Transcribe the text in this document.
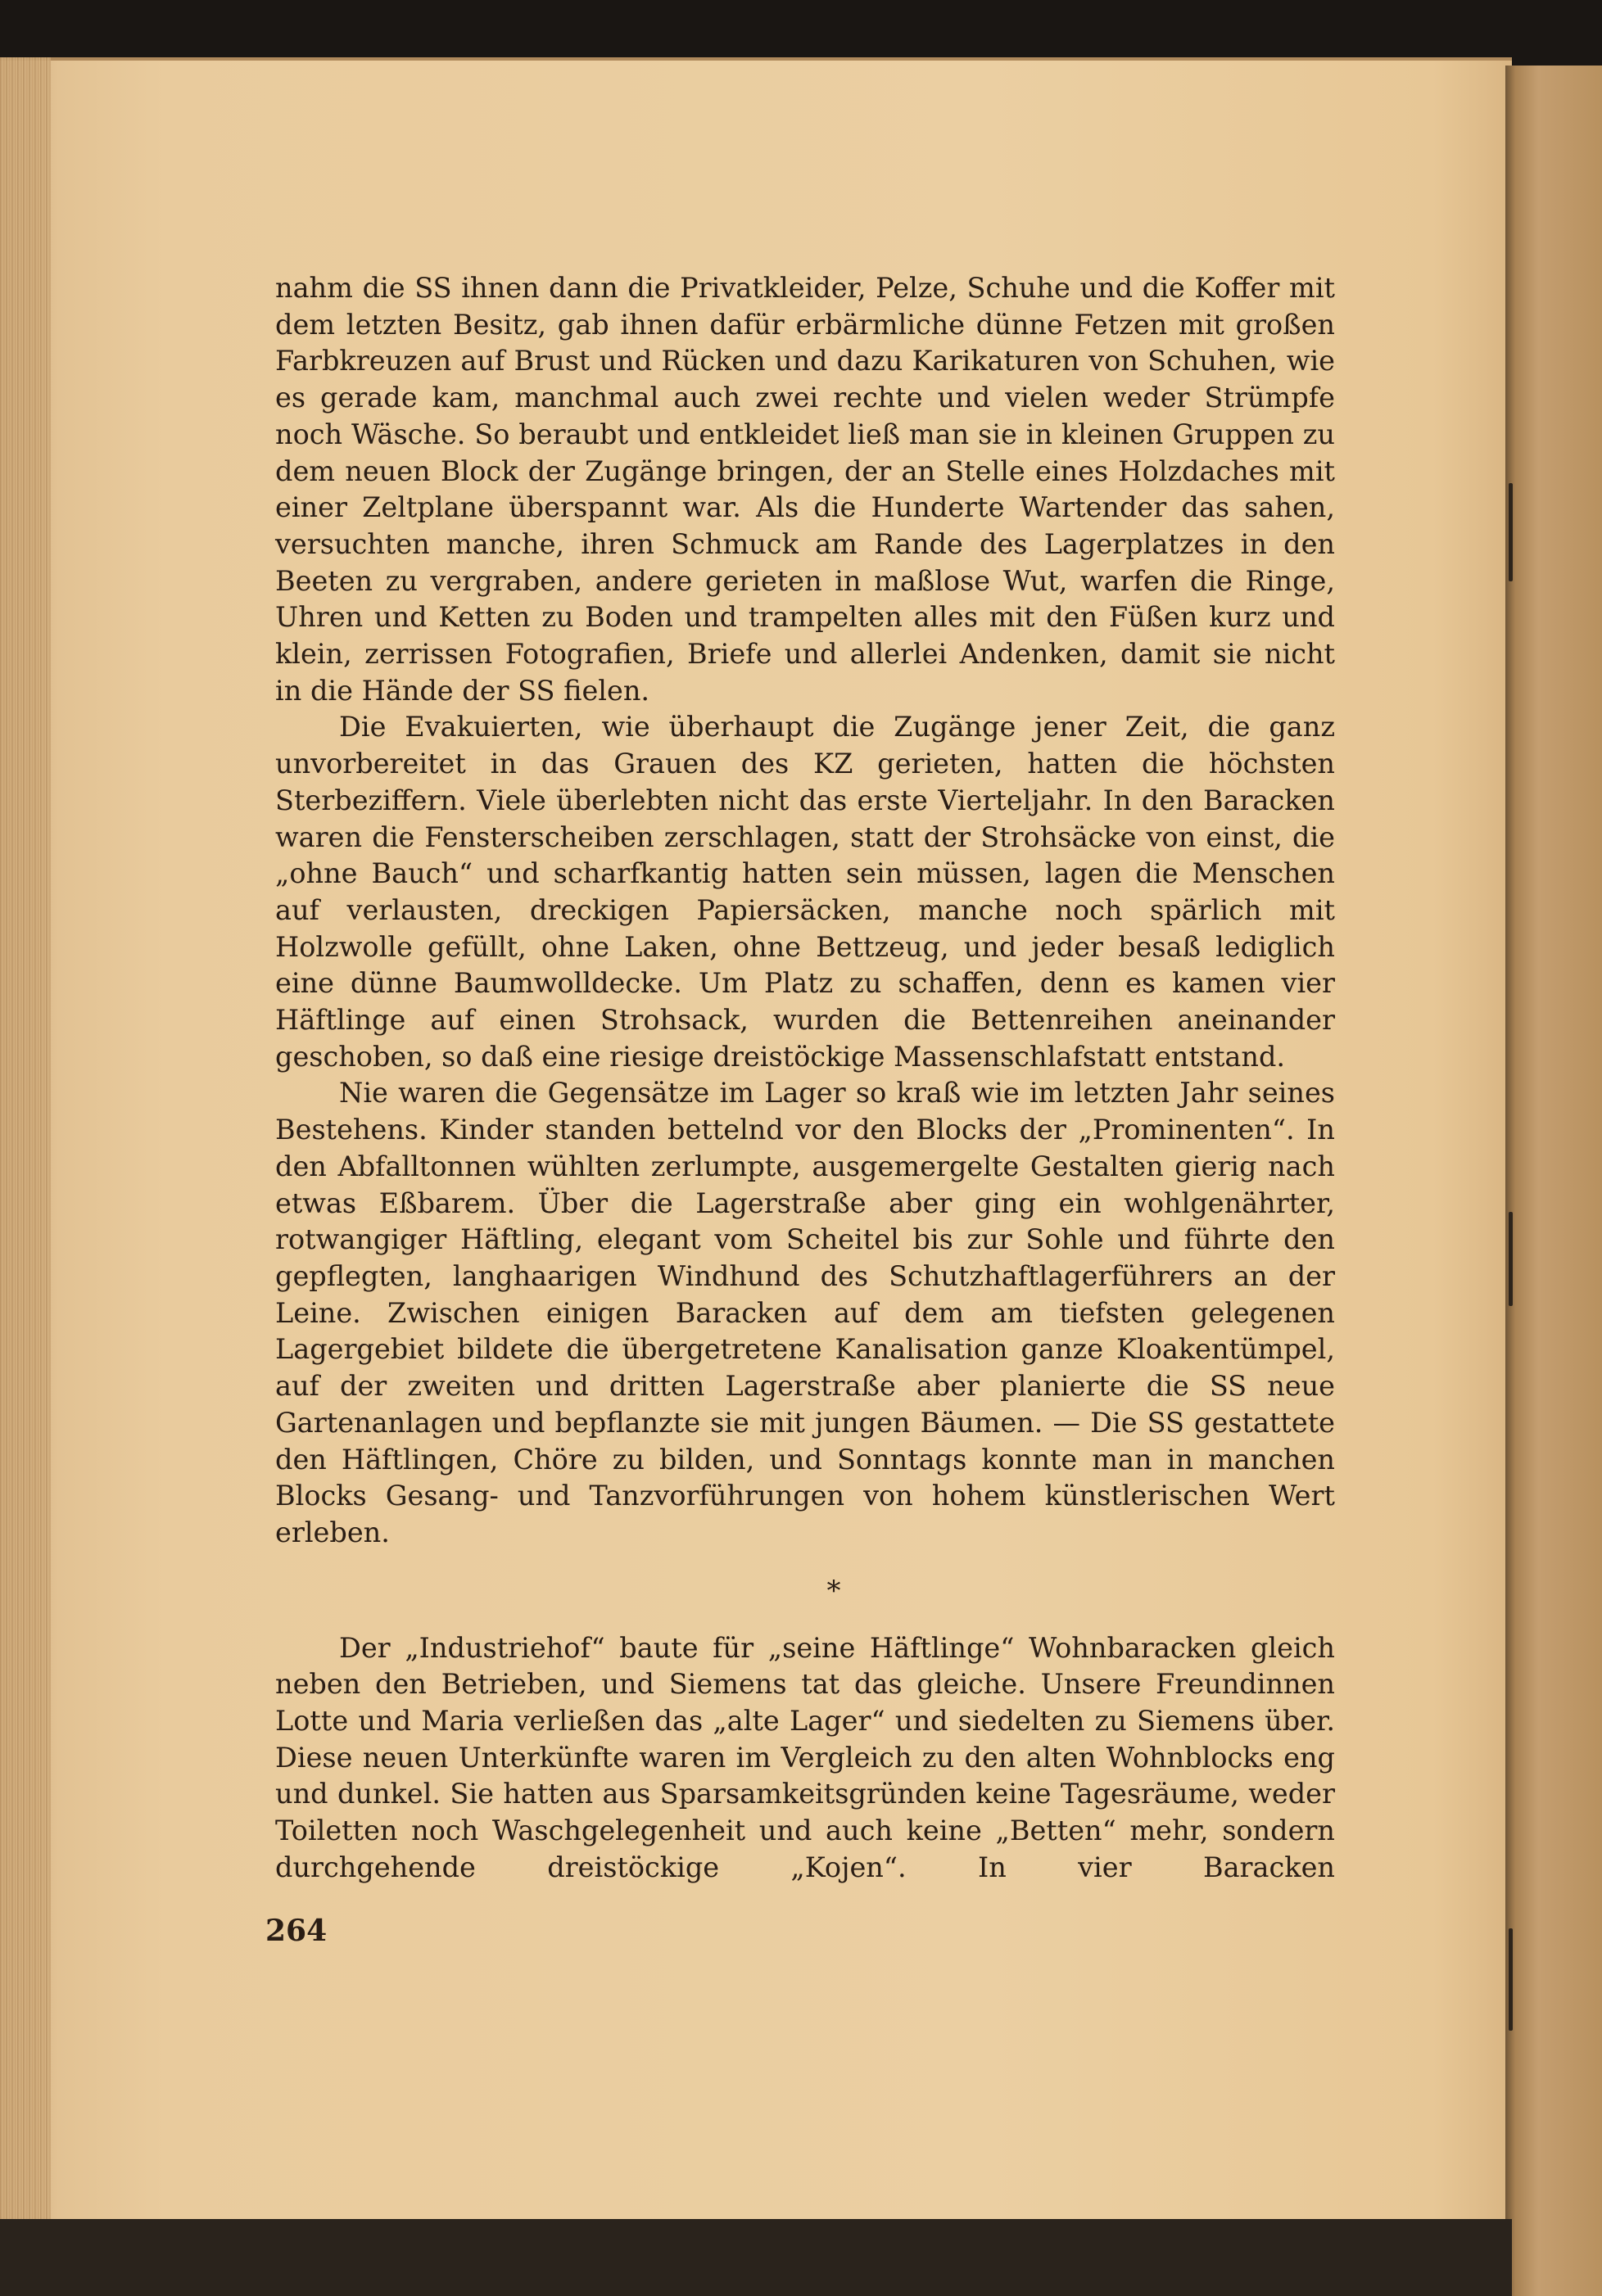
nahm die SS ihnen dann die Privatkleider, Pelze, Schuhe und die Koffer mit dem letzten Besitz, gab ihnen dafür erbärmliche dünne Fetzen mit großen Farbkreuzen auf Brust und Rücken und dazu Karikaturen von Schuhen, wie es gerade kam, manchmal auch zwei rechte und vielen weder Strümpfe noch Wäsche. So beraubt und entkleidet ließ man sie in kleinen Gruppen zu dem neuen Block der Zugänge bringen, der an Stelle eines Holzdaches mit einer Zeltplane überspannt war. Als die Hunderte Wartender das sahen, versuchten manche, ihren Schmuck am Rande des Lagerplatzes in den Beeten zu vergraben, andere gerieten in maßlose Wut, warfen die Ringe, Uhren und Ketten zu Boden und trampelten alles mit den Füßen kurz und klein, zerrissen Fotografien, Briefe und allerlei Andenken, damit sie nicht in die Hände der SS fielen.

Die Evakuierten, wie überhaupt die Zugänge jener Zeit, die ganz unvorbereitet in das Grauen des KZ gerieten, hatten die höchsten Sterbeziffern. Viele überlebten nicht das erste Vierteljahr. In den Baracken waren die Fensterscheiben zerschlagen, statt der Strohsäcke von einst, die „ohne Bauch“ und scharfkantig hatten sein müssen, lagen die Menschen auf verlausten, dreckigen Papiersäcken, manche noch spärlich mit Holzwolle gefüllt, ohne Laken, ohne Bettzeug, und jeder besaß lediglich eine dünne Baumwolldecke. Um Platz zu schaffen, denn es kamen vier Häftlinge auf einen Strohsack, wurden die Bettenreihen aneinander geschoben, so daß eine riesige dreistöckige Massenschlafstatt entstand.

Nie waren die Gegensätze im Lager so kraß wie im letzten Jahr seines Bestehens. Kinder standen bettelnd vor den Blocks der „Prominenten“. In den Abfalltonnen wühlten zerlumpte, ausgemergelte Gestalten gierig nach etwas Eßbarem. Über die Lagerstraße aber ging ein wohlgenährter, rotwangiger Häftling, elegant vom Scheitel bis zur Sohle und führte den gepflegten, langhaarigen Windhund des Schutzhaftlagerführers an der Leine. Zwischen einigen Baracken auf dem am tiefsten gelegenen Lagergebiet bildete die übergetretene Kanalisation ganze Kloakentümpel, auf der zweiten und dritten Lagerstraße aber planierte die SS neue Gartenanlagen und bepflanzte sie mit jungen Bäumen. — Die SS gestattete den Häftlingen, Chöre zu bilden, und Sonntags konnte man in manchen Blocks Gesang- und Tanzvorführungen von hohem künstlerischen Wert erleben.

*

Der „Industriehof“ baute für „seine Häftlinge“ Wohnbaracken gleich neben den Betrieben, und Siemens tat das gleiche. Unsere Freundinnen Lotte und Maria verließen das „alte Lager“ und siedelten zu Siemens über. Diese neuen Unterkünfte waren im Vergleich zu den alten Wohnblocks eng und dunkel. Sie hatten aus Sparsamkeitsgründen keine Tagesräume, weder Toiletten noch Waschgelegenheit und auch keine „Betten“ mehr, sondern durchgehende dreistöckige „Kojen“. In vier Baracken

264
